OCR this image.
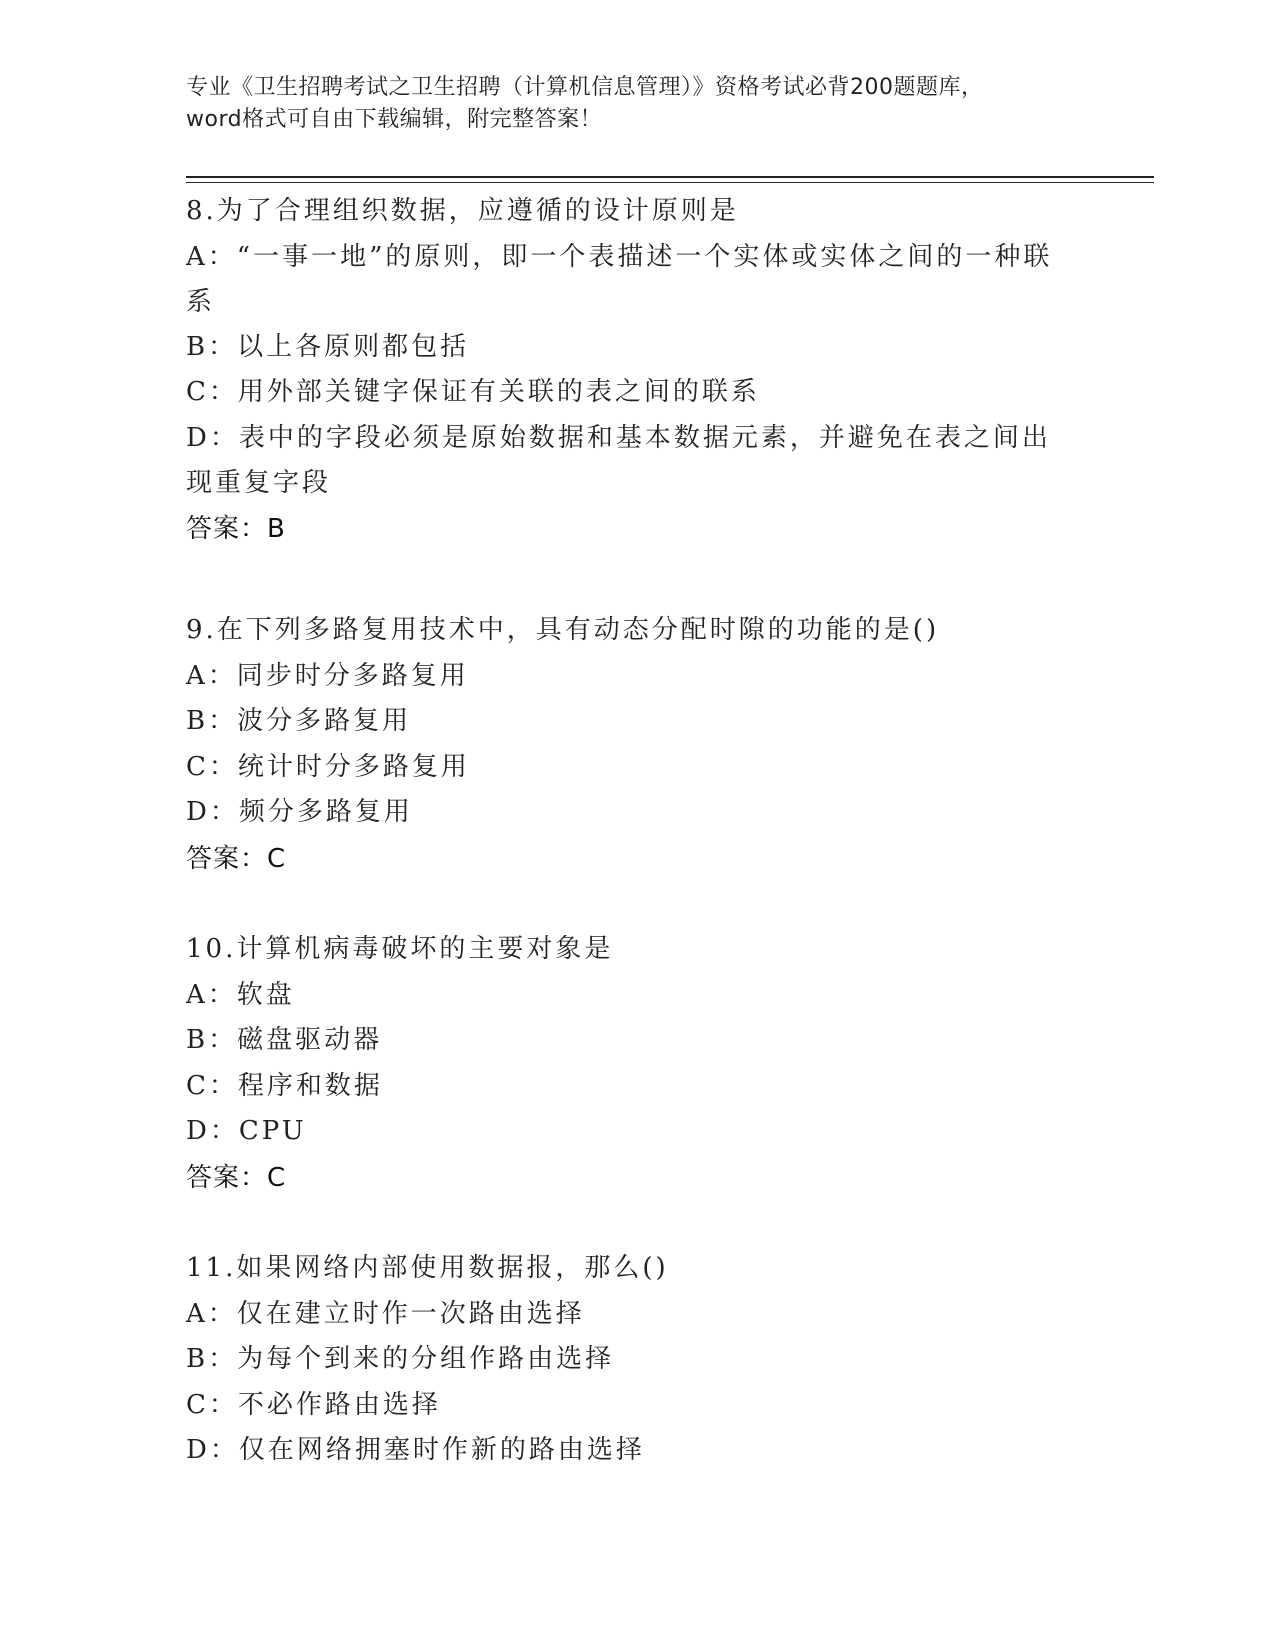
专业《卫生招聘考试之卫生招聘（计算机信息管理）》资格考试必背200题题库，

word格式可自由下载编辑，附完整答案！

8.为了合理组织数据，应遵循的设计原则是

A：“一事一地”的原则，即一个表描述一个实体或实体之间的一种联系

B：以上各原则都包括

C：用外部关键字保证有关联的表之间的联系

D：表中的字段必须是原始数据和基本数据元素，并避免在表之间出现重复字段

答案：B

9.在下列多路复用技术中，具有动态分配时隙的功能的是()

A：同步时分多路复用

B：波分多路复用

C：统计时分多路复用

D：频分多路复用

答案：C

10.计算机病毒破坏的主要对象是

A：软盘

B：磁盘驱动器

C：程序和数据

D：CPU

答案：C

11.如果网络内部使用数据报，那么()

A：仅在建立时作一次路由选择

B：为每个到来的分组作路由选择

C：不必作路由选择

D：仅在网络拥塞时作新的路由选择
